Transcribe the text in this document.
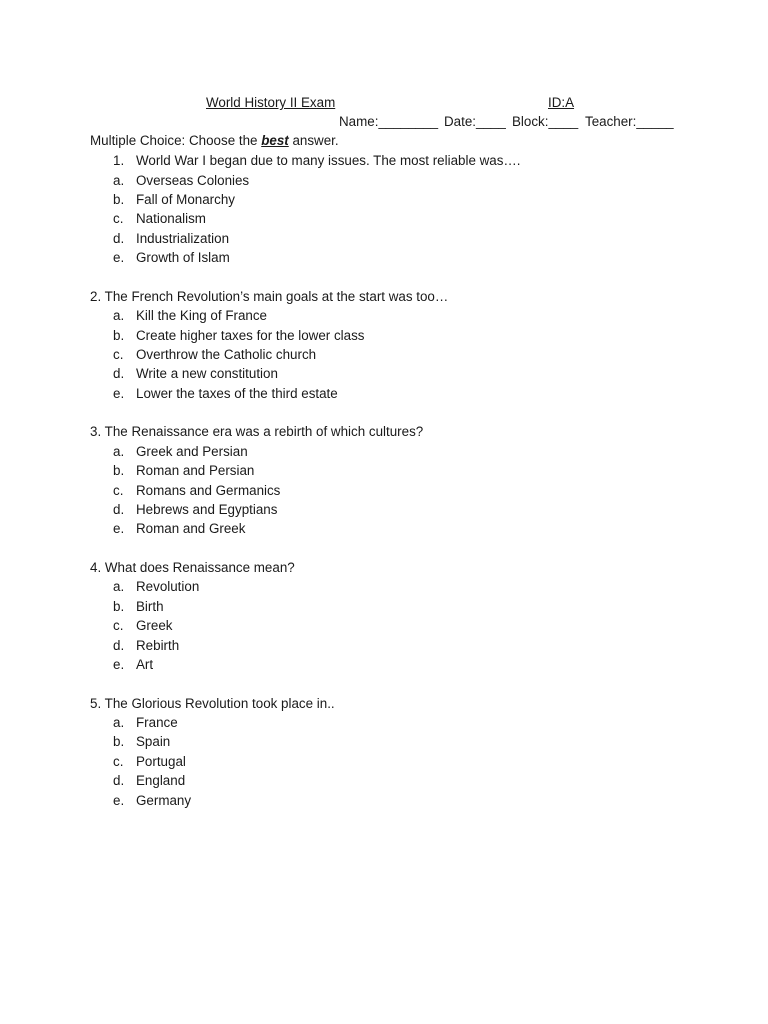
World History II Exam	ID:A
Name:________ Date:____ Block:____ Teacher:_____
Multiple Choice: Choose the best answer.
1. World War I began due to many issues. The most reliable was….
a. Overseas Colonies
b. Fall of Monarchy
c. Nationalism
d. Industrialization
e. Growth of Islam
2. The French Revolution’s main goals at the start was too…
a. Kill the King of France
b. Create higher taxes for the lower class
c. Overthrow the Catholic church
d. Write a new constitution
e. Lower the taxes of the third estate
3. The Renaissance era was a rebirth of which cultures?
a. Greek and Persian
b. Roman and Persian
c. Romans and Germanics
d. Hebrews and Egyptians
e. Roman and Greek
4. What does Renaissance mean?
a. Revolution
b. Birth
c. Greek
d. Rebirth
e. Art
5. The Glorious Revolution took place in..
a. France
b. Spain
c. Portugal
d. England
e. Germany
